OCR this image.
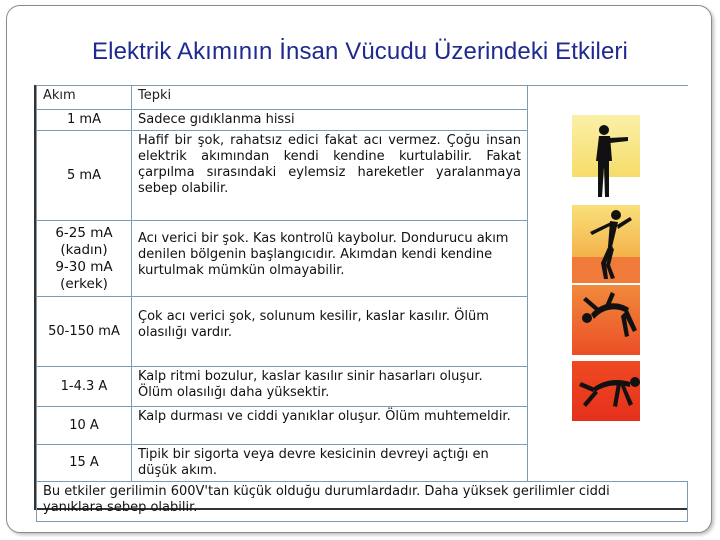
Elektrik Akımının İnsan Vücudu Üzerindeki Etkileri
Akım	Tepki	
1 mA	Sadece gıdıklanma hissi	
5 mA	Hafif bir şok, rahatsız edici fakat acı vermez. Çoğu insan elektrik akımından kendi kendine kurtulabilir. Fakat çarpılma sırasındaki eylemsiz hareketler yaralanmaya sebep olabilir.	

6-25 mA
(kadın)
9-30 mA
(erkek)	Acı verici bir şok. Kas kontrolü kaybolur. Dondurucu akım denilen bölgenin başlangıcıdır. Akımdan kendi kendine kurtulmak mümkün olmayabilir.	
50-150 mA	Çok acı verici şok, solunum kesilir, kaslar kasılır. Ölüm olasılığı vardır.	
1-4.3 A	Kalp ritmi bozulur, kaslar kasılır sinir hasarları oluşur. Ölüm olasılığı daha yüksektir.	
10 A	Kalp durması ve ciddi yanıklar oluşur. Ölüm muhtemeldir.	
15 A	Tipik bir sigorta veya devre kesicinin devreyi açtığı en düşük akım.	
Bu etkiler gerilimin 600V'tan küçük olduğu durumlardadır. Daha yüksek gerilimler ciddi yanıklara sebep olabilir.		
